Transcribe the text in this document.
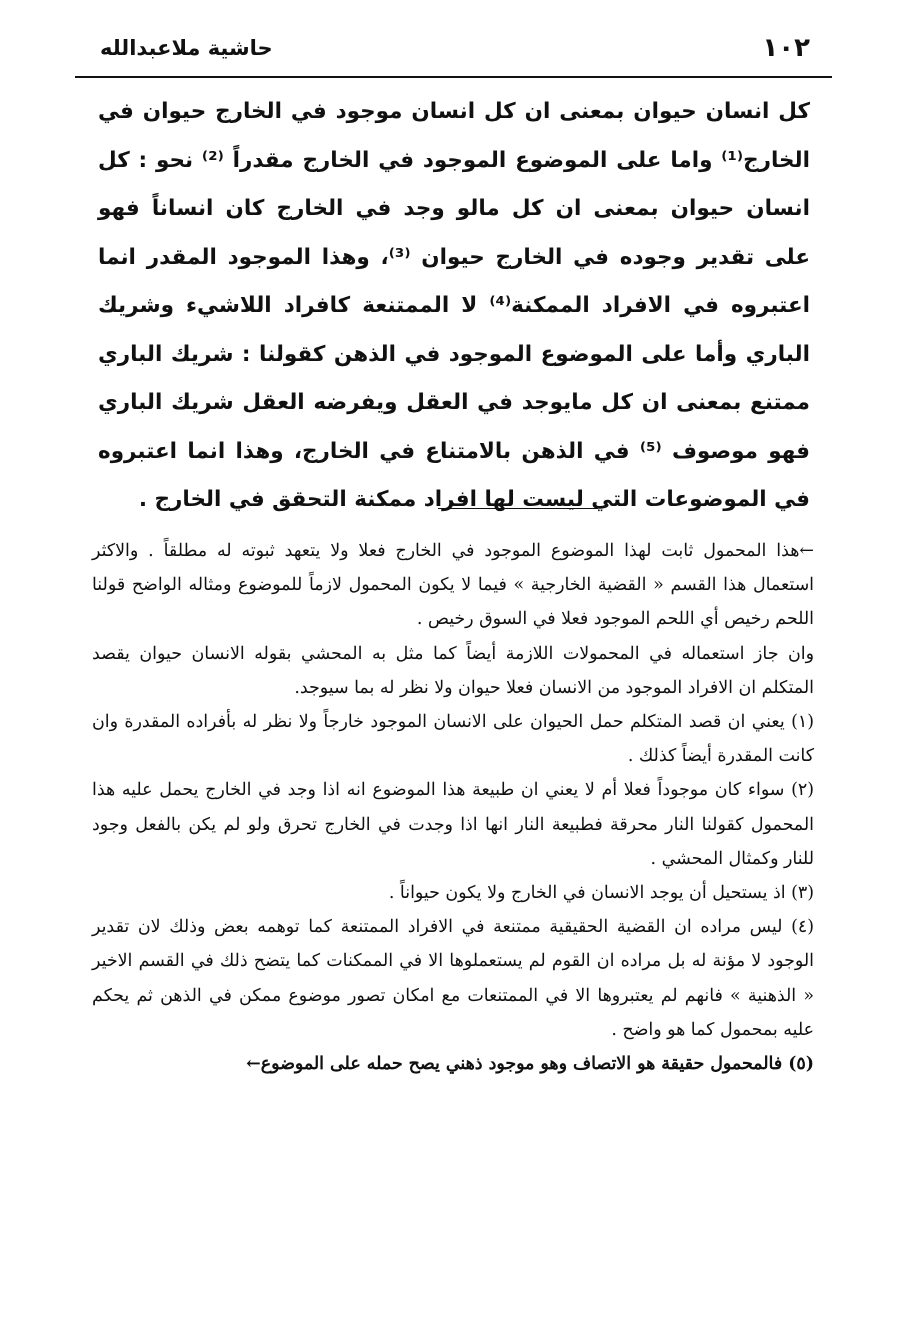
١٠٢
حاشية ملاعبدالله

كل انسان حيوان بمعنى ان كل انسان موجود في الخارج حيوان في الخارج⁽¹⁾ واما على الموضوع الموجود في الخارج مقدراً ⁽²⁾ نحو : كل انسان حيوان بمعنى ان كل مالو وجد في الخارج كان انساناً فهو على تقدير وجوده في الخارج حيوان ⁽³⁾، وهذا الموجود المقدر انما اعتبروه في الافراد الممكنة⁽⁴⁾ لا الممتنعة كافراد اللاشيء وشريك الباري وأما على الموضوع الموجود في الذهن كقولنا : شريك الباري ممتنع بمعنى ان كل مايوجد في العقل ويفرضه العقل شريك الباري فهو موصوف ⁽⁵⁾ في الذهن بالامتناع في الخارج، وهذا انما اعتبروه في الموضوعات التي ليست لها افراد ممكنة التحقق في الخارج .

←هذا المحمول ثابت لهذا الموضوع الموجود في الخارج فعلا ولا يتعهد ثبوته له مطلقاً . والاكثر استعمال هذا القسم « القضية الخارجية » فيما لا يكون المحمول لازماً للموضوع ومثاله الواضح قولنا اللحم رخيص أي اللحم الموجود فعلا في السوق رخيص .

وان جاز استعماله في المحمولات اللازمة أيضاً كما مثل به المحشي بقوله الانسان حيوان يقصد المتكلم ان الافراد الموجود من الانسان فعلا حيوان ولا نظر له بما سيوجد.

(١) يعني ان قصد المتكلم حمل الحيوان على الانسان الموجود خارجاً ولا نظر له بأفراده المقدرة وان كانت المقدرة أيضاً كذلك .

(٢) سواء كان موجوداً فعلا أم لا يعني ان طبيعة هذا الموضوع انه اذا وجد في الخارج يحمل عليه هذا المحمول كقولنا النار محرقة فطبيعة النار انها اذا وجدت في الخارج تحرق ولو لم يكن بالفعل وجود للنار وكمثال المحشي .

(٣) اذ يستحيل أن يوجد الانسان في الخارج ولا يكون حيواناً .

(٤) ليس مراده ان القضية الحقيقية ممتنعة في الافراد الممتنعة كما توهمه بعض وذلك لان تقدير الوجود لا مؤنة له بل مراده ان القوم لم يستعملوها الا في الممكنات كما يتضح ذلك في القسم الاخير « الذهنية » فانهم لم يعتبروها الا في الممتنعات مع امكان تصور موضوع ممكن في الذهن ثم يحكم عليه بمحمول كما هو واضح .

(٥) فالمحمول حقيقة هو الاتصاف وهو موجود ذهني يصح حمله على الموضوع←
